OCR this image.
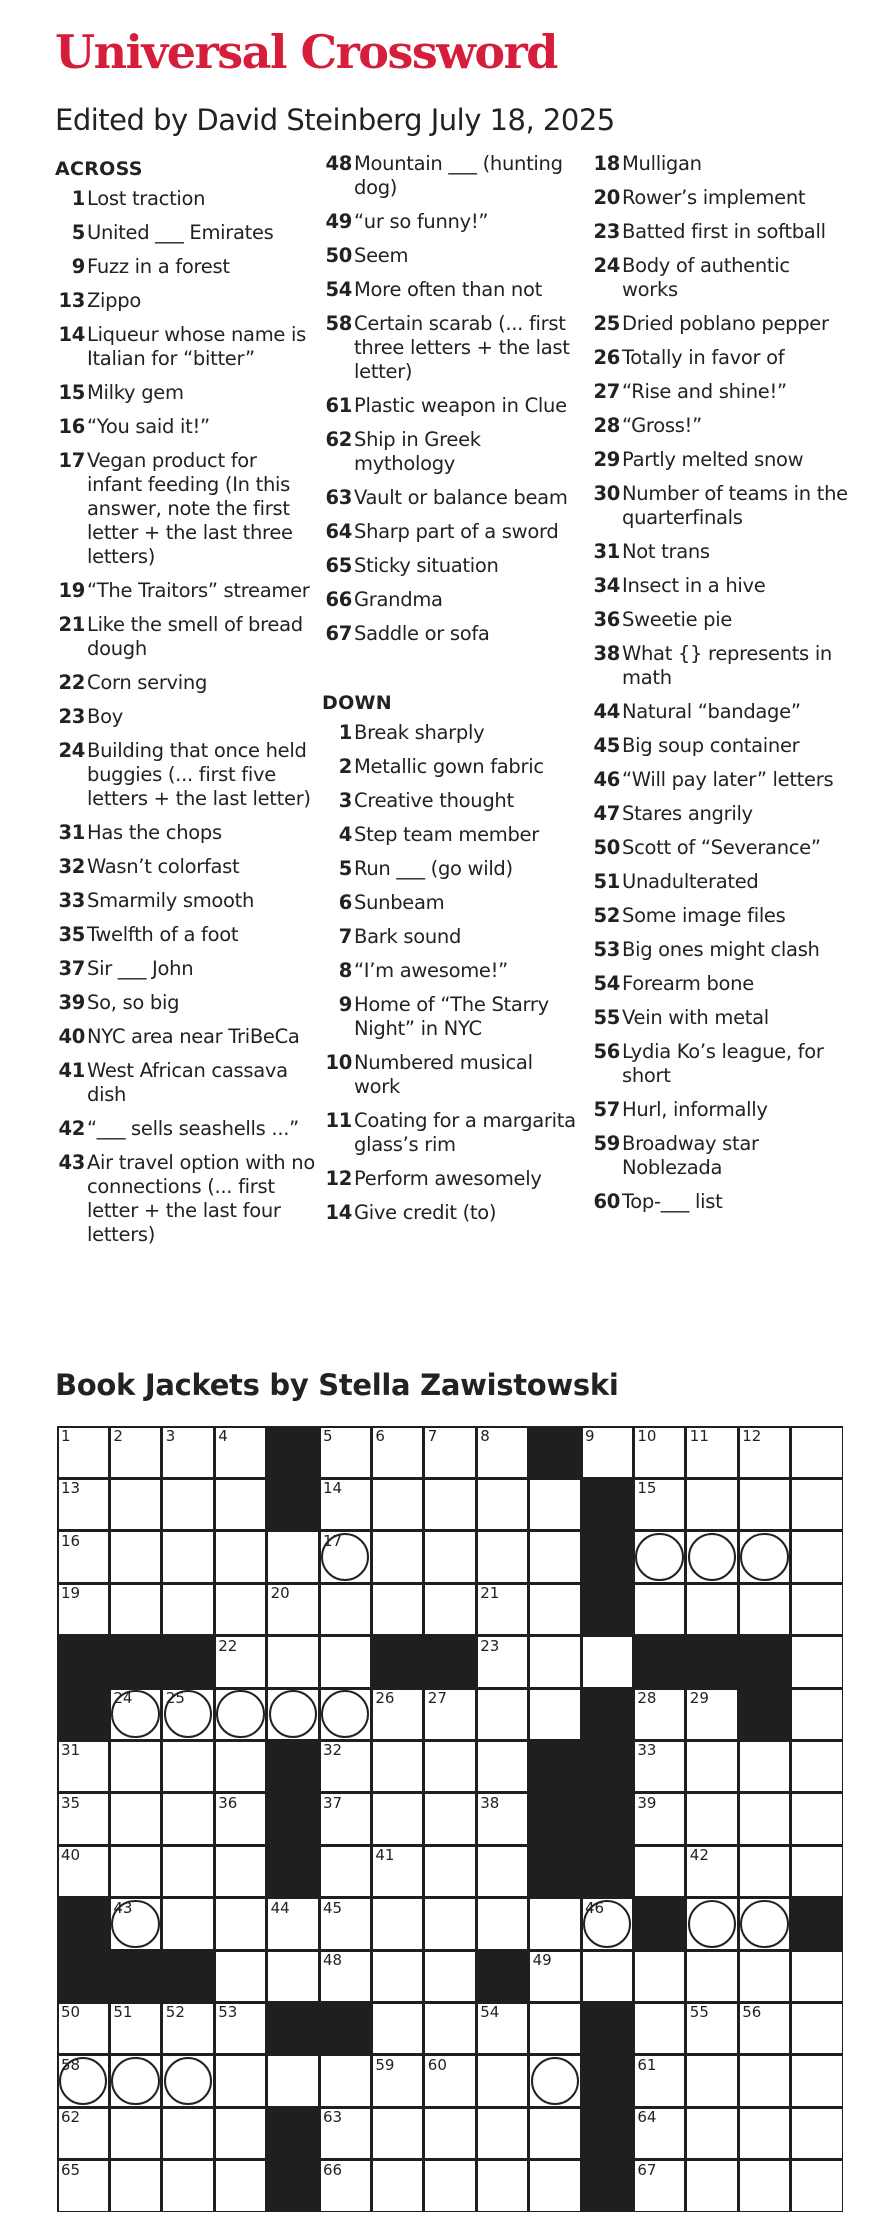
Universal Crossword
Edited by David Steinberg July 18, 2025
ACROSS
1 Lost traction
5 United ___ Emirates
9 Fuzz in a forest
13 Zippo
14 Liqueur whose name is Italian for “bitter”
15 Milky gem
16 “You said it!”
17 Vegan product for infant feeding (In this answer, note the first letter + the last three letters)
19 “The Traitors” streamer
21 Like the smell of bread dough
22 Corn serving
23 Boy
24 Building that once held buggies (... first five letters + the last letter)
31 Has the chops
32 Wasn’t colorfast
33 Smarmily smooth
35 Twelfth of a foot
37 Sir ___ John
39 So, so big
40 NYC area near TriBeCa
41 West African cassava dish
42 “___ sells seashells ...”
43 Air travel option with no connections (... first letter + the last four letters)
48 Mountain ___ (hunting dog)
49 “ur so funny!”
50 Seem
54 More often than not
58 Certain scarab (... first three letters + the last letter)
61 Plastic weapon in Clue
62 Ship in Greek mythology
63 Vault or balance beam
64 Sharp part of a sword
65 Sticky situation
66 Grandma
67 Saddle or sofa
DOWN
1 Break sharply
2 Metallic gown fabric
3 Creative thought
4 Step team member
5 Run ___ (go wild)
6 Sunbeam
7 Bark sound
8 “I’m awesome!”
9 Home of “The Starry Night” in NYC
10 Numbered musical work
11 Coating for a margarita glass’s rim
12 Perform awesomely
14 Give credit (to)
18 Mulligan
20 Rower’s implement
23 Batted first in softball
24 Body of authentic works
25 Dried poblano pepper
26 Totally in favor of
27 “Rise and shine!”
28 “Gross!”
29 Partly melted snow
30 Number of teams in the quarterfinals
31 Not trans
34 Insect in a hive
36 Sweetie pie
38 What {} represents in math
44 Natural “bandage”
45 Big soup container
46 “Will pay later” letters
47 Stares angrily
50 Scott of “Severance”
51 Unadulterated
52 Some image files
53 Big ones might clash
54 Forearm bone
55 Vein with metal
56 Lydia Ko’s league, for short
57 Hurl, informally
59 Broadway star Noblezada
60 Top-___ list
Book Jackets by Stella Zawistowski
1	2	3	4	5	6	7	8	9	10 11 12
13	14	15
16	17
19	20	21
22	23
24 25	26 27	28 29
31	32	33
35	36	37	38	39
40	41	42
43	44 45	46
48	49
50 51 52 53	54	55 56
58	59 60	61
62	63	64
65	66	67
